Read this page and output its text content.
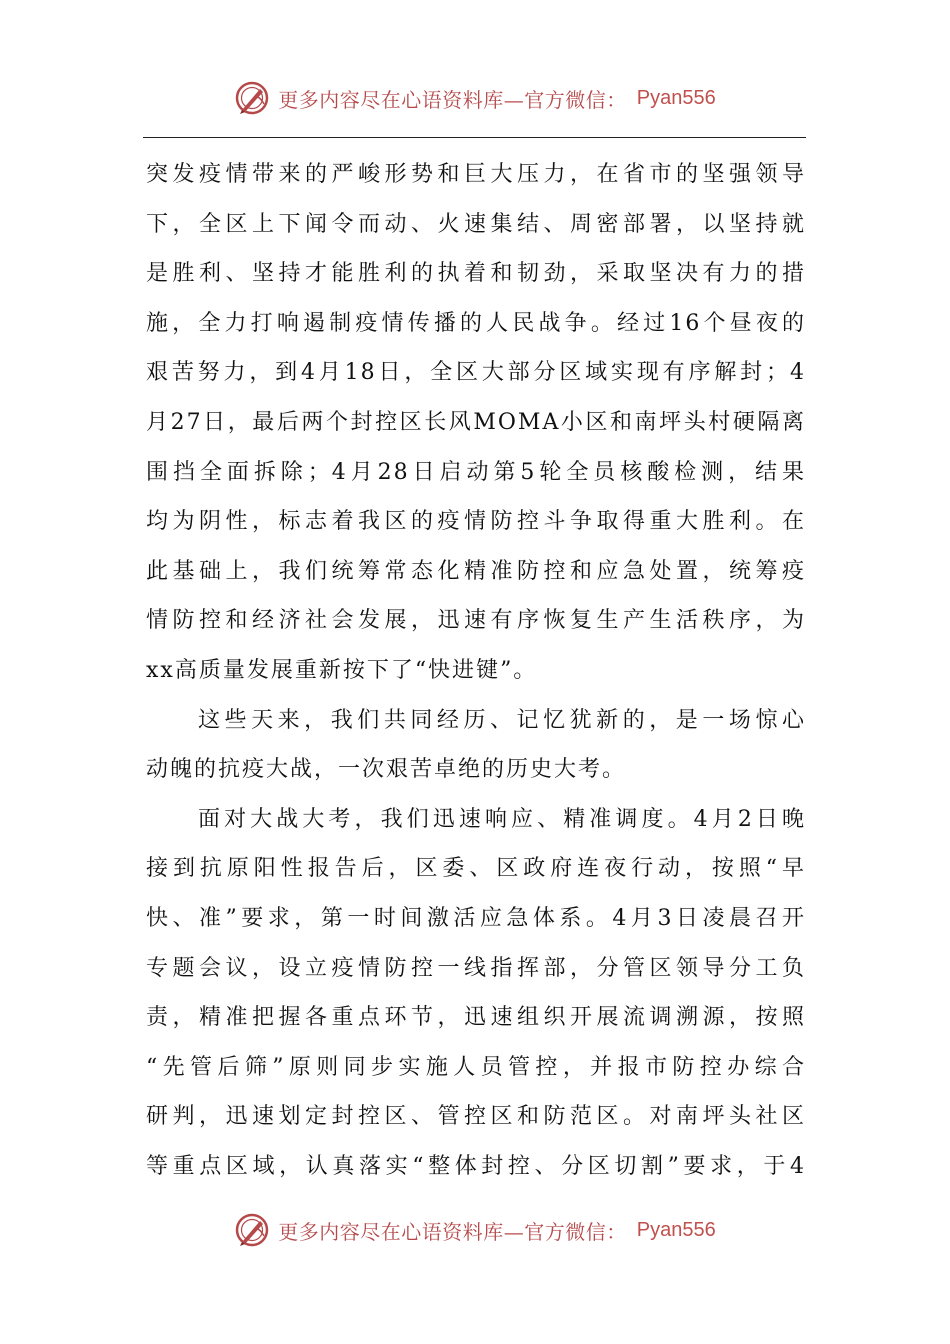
更多内容尽在心语资料库—官方微信： Pyan556

突发疫情带来的严峻形势和巨大压力，在省市的坚强领导

下，全区上下闻令而动、火速集结、周密部署，以坚持就

是胜利、坚持才能胜利的执着和韧劲，采取坚决有力的措

施，全力打响遏制疫情传播的人民战争。经过16个昼夜的

艰苦努力，到4月18日，全区大部分区域实现有序解封；4

月27日，最后两个封控区长风MOMA小区和南坪头村硬隔离

围挡全面拆除；4月28日启动第5轮全员核酸检测，结果

均为阴性，标志着我区的疫情防控斗争取得重大胜利。在

此基础上，我们统筹常态化精准防控和应急处置，统筹疫

情防控和经济社会发展，迅速有序恢复生产生活秩序，为

xx高质量发展重新按下了“快进键”。

这些天来，我们共同经历、记忆犹新的，是一场惊心

动魄的抗疫大战，一次艰苦卓绝的历史大考。

面对大战大考，我们迅速响应、精准调度。4月2日晚

接到抗原阳性报告后，区委、区政府连夜行动，按照“早

快、准”要求，第一时间激活应急体系。4月3日凌晨召开

专题会议，设立疫情防控一线指挥部，分管区领导分工负

责，精准把握各重点环节，迅速组织开展流调溯源，按照

“先管后筛”原则同步实施人员管控，并报市防控办综合

研判，迅速划定封控区、管控区和防范区。对南坪头社区

等重点区域，认真落实“整体封控、分区切割”要求，于4

更多内容尽在心语资料库—官方微信： Pyan556
